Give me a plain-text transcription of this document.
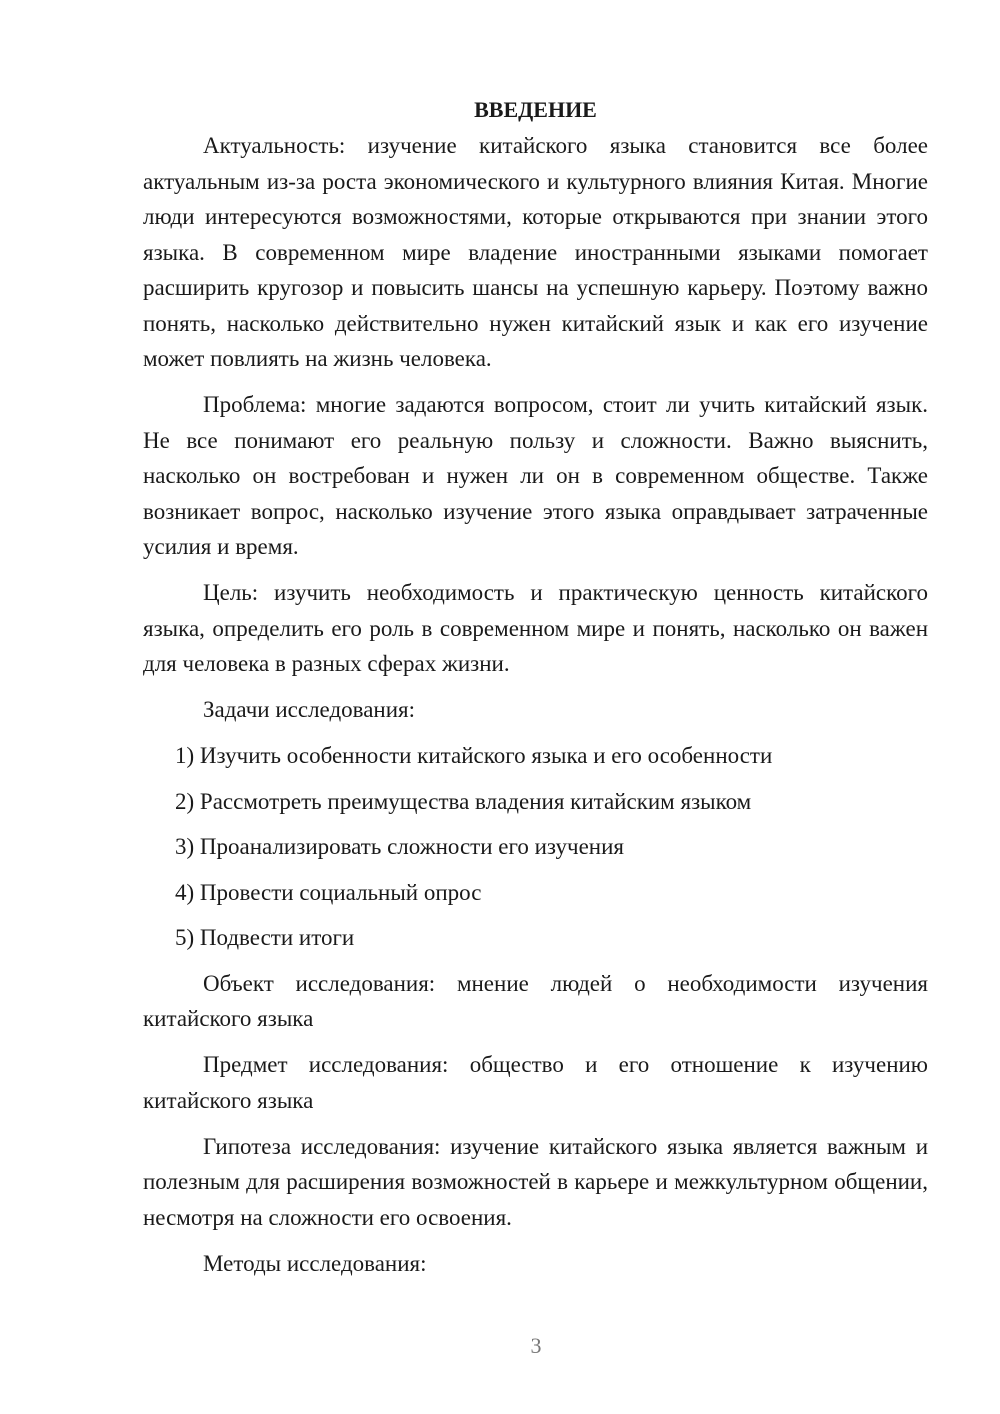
ВВЕДЕНИЕ

Актуальность: изучение китайского языка становится все более актуальным из-за роста экономического и культурного влияния Китая. Многие люди интересуются возможностями, которые открываются при знании этого языка. В современном мире владение иностранными языками помогает расширить кругозор и повысить шансы на успешную карьеру. Поэтому важно понять, насколько действительно нужен китайский язык и как его изучение может повлиять на жизнь человека.

Проблема: многие задаются вопросом, стоит ли учить китайский язык. Не все понимают его реальную пользу и сложности. Важно выяснить, насколько он востребован и нужен ли он в современном обществе. Также возникает вопрос, насколько изучение этого языка оправдывает затраченные усилия и время.

Цель: изучить необходимость и практическую ценность китайского языка, определить его роль в современном мире и понять, насколько он важен для человека в разных сферах жизни.

Задачи исследования:

1) Изучить особенности китайского языка и его особенности
2) Рассмотреть преимущества владения китайским языком
3) Проанализировать сложности его изучения
4) Провести социальный опрос
5) Подвести итоги

Объект исследования: мнение людей о необходимости изучения китайского языка

Предмет исследования: общество и его отношение к изучению китайского языка

Гипотеза исследования: изучение китайского языка является важным и полезным для расширения возможностей в карьере и межкультурном общении, несмотря на сложности его освоения.

Методы исследования:

3
